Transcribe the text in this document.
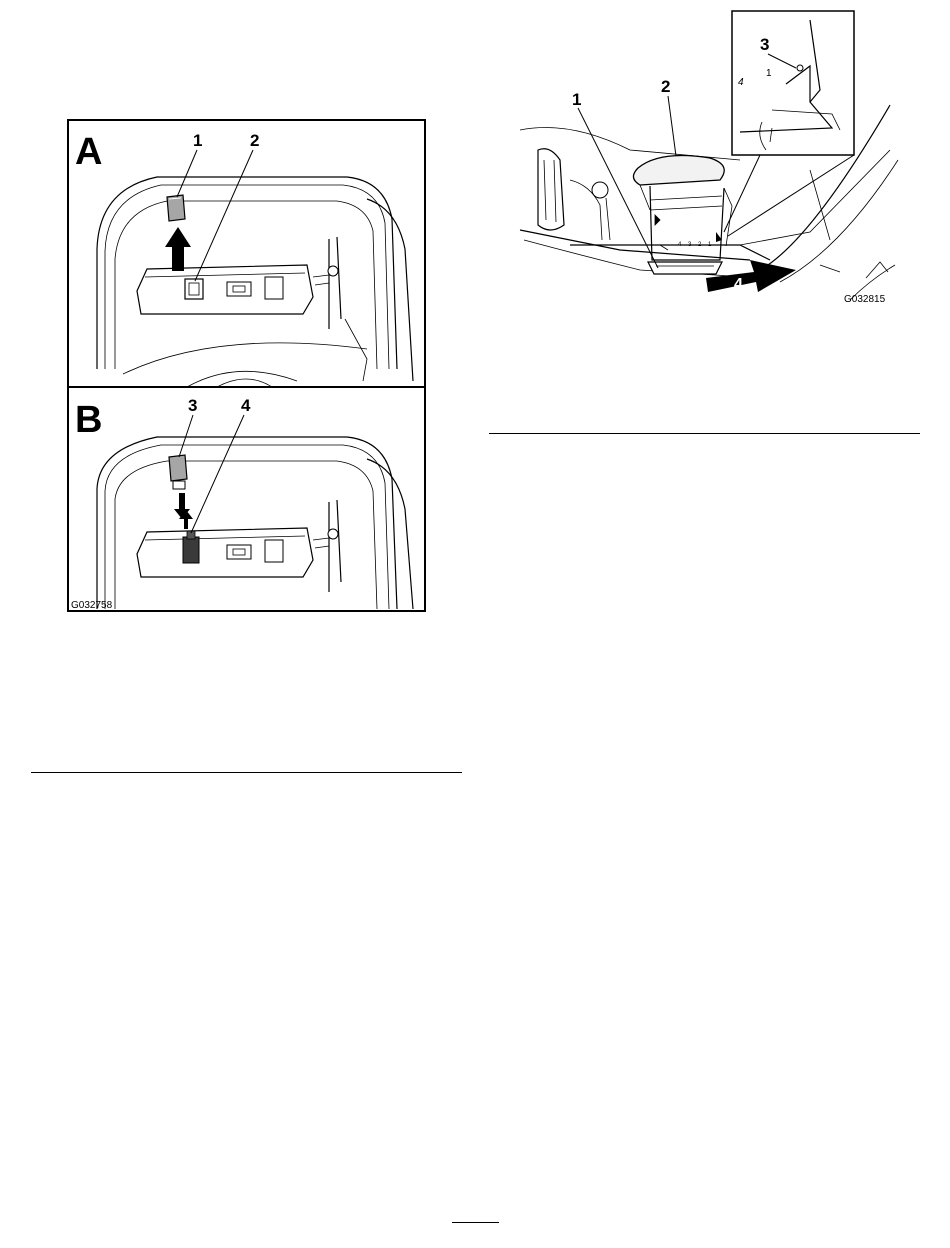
A	1	2
B	3	4
G032758
4 3 2 1
4
4
1
1
2
3
G032815
